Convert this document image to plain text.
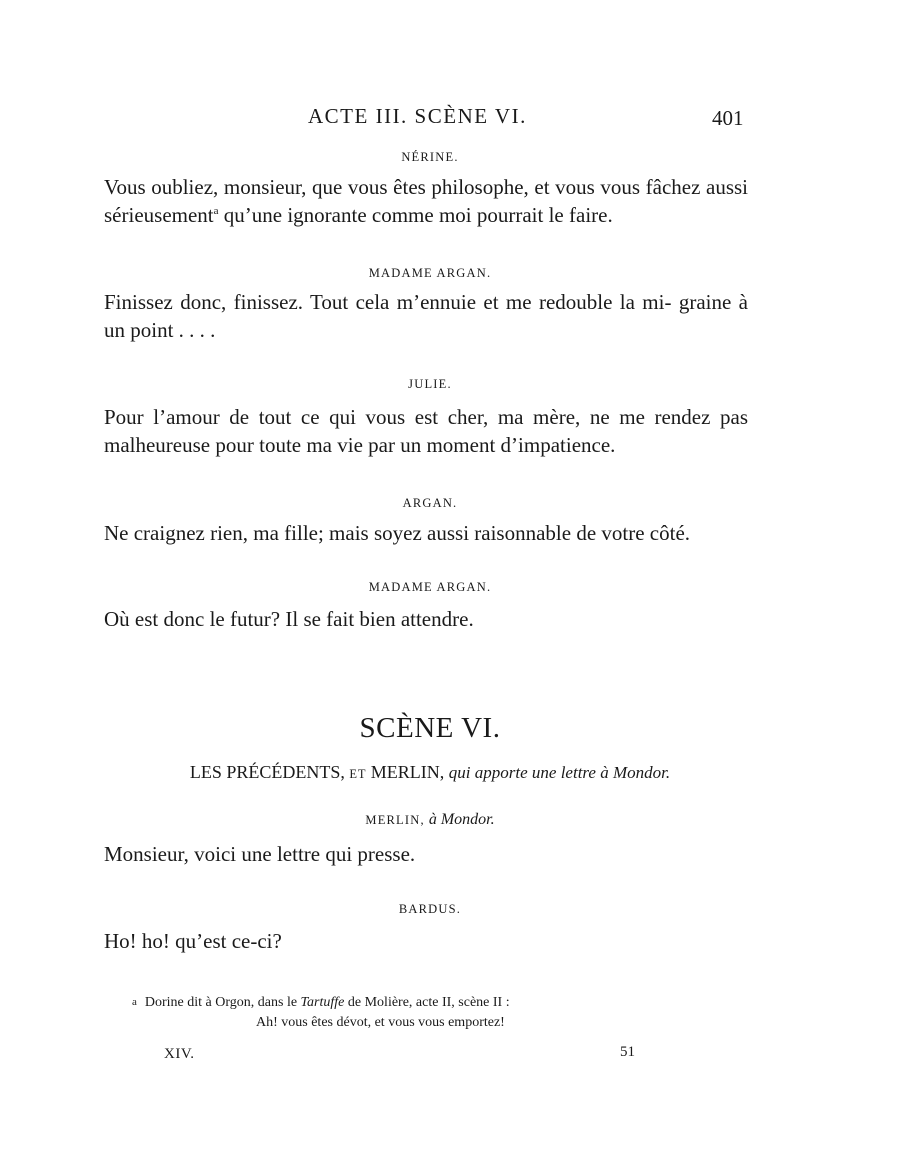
ACTE III. SCÈNE VI.	401
NÉRINE.
Vous oubliez, monsieur, que vous êtes philosophe, et vous vous fâchez aussi sérieusement$^a$ qu’une ignorante comme moi pourrait le faire.
MADAME ARGAN.
Finissez donc, finissez. Tout cela m’ennuie et me redouble la mi- graine à un point . . . .
JULIE.
Pour l’amour de tout ce qui vous est cher, ma mère, ne me rendez pas malheureuse pour toute ma vie par un moment d’impatience.
ARGAN.
Ne craignez rien, ma fille; mais soyez aussi raisonnable de votre côté.
MADAME ARGAN.
Où est donc le futur? Il se fait bien attendre.
SCÈNE VI.
LES PRÉCÉDENTS, ET MERLIN, qui apporte une lettre à Mondor.
MERLIN, à Mondor.
Monsieur, voici une lettre qui presse.
BARDUS.
Ho! ho! qu’est ce-ci?
a Dorine dit à Orgon, dans le Tartuffe de Molière, acte II, scène II :
Ah! vous êtes dévot, et vous vous emportez!
XIV.	51
